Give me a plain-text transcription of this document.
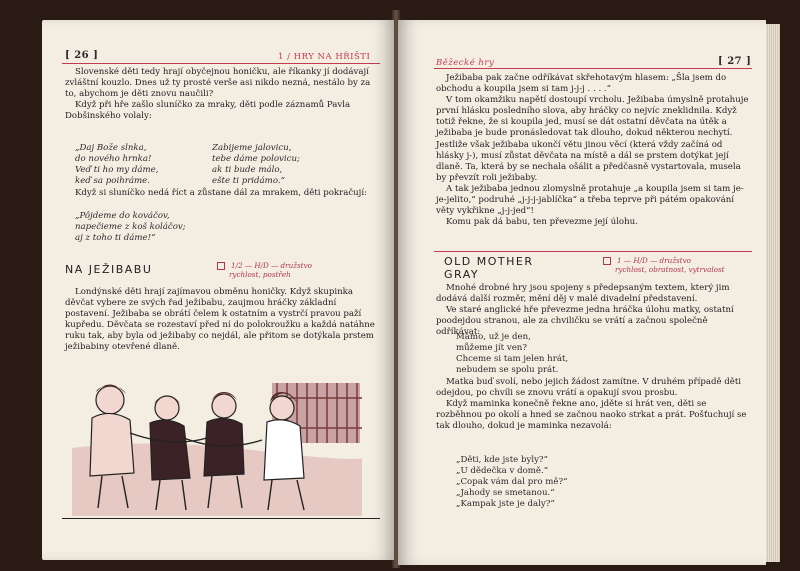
[ 26 ]	1 / HRY NA HŘIŠTI

Slovenské děti tedy hrají obyčejnou honičku, ale říkanky jí dodávají zvláštní kouzlo. Dnes už ty prosté verše asi nikdo nezná, nestálo by za to, abychom je děti znovu naučili?

Když při hře zašlo sluníčko za mraky, děti podle záznamů Pavla Dobšinského volaly:

„Daj Bože slnka,
do nového hrnka!
Veď ti ho my dáme,
keď sa poihráme.
Zabijeme jalovicu,
tebe dáme polovicu;
ak ti bude málo,
ešte ti pridámo.“

Když si sluníčko nedá říct a zůstane dál za mrakem, děti pokračují:

„Pôjdeme do kováčov,
napečieme z koš koláčov;
aj z toho ti dáme!“
NA JEŽIBABU	1/2 — H/D — družstvo
rychlost, postřeh

Londýnské děti hrají zajímavou obměnu honičky. Když skupinka děvčat vybere ze svých řad ježibabu, zaujmou hráčky základní postavení. Ježibaba se obrátí čelem k ostatním a vystrčí pravou paží kupředu. Děvčata se rozestaví před ní do polokroužku a každá natáhne ruku tak, aby byla od ježibaby co nejdál, ale přitom se dotýkala prstem ježibabiny otevřené dlaně.

Běžecké hry	[ 27 ]

Ježibaba pak začne odříkávat skřehotavým hlasem: „Šla jsem do obchodu a koupila jsem si tam j-j-j . . . .“

V tom okamžiku napětí dostoupí vrcholu. Ježibaba úmyslně protahuje první hlásku posledního slova, aby hráčky co nejvíc zneklidnila. Když totiž řekne, že si koupila jed, musí se dát ostatní děvčata na útěk a ježibaba je bude pronásledovat tak dlouho, dokud některou nechytí. Jestliže však ježibaba ukončí větu jinou věcí (která vždy začíná od hlásky j-), musí zůstat děvčata na místě a dál se prstem dotýkat její dlaně. Ta, která by se nechala ošálit a předčasně vystartovala, musela by převzít roli ježibaby.

A tak ježibaba jednou zlomyslně protahuje „a koupila jsem si tam je-je-jelito,“ podruhé „j-j-j-jablíčka“ a třeba teprve při pátém opakování věty vykřikne „j-j-jed“!

Komu pak dá babu, ten převezme její úlohu.

OLD MOTHER
GRAY
1 — H/D — družstvo
rychlost, obratnost, vytrvalost

Mnohé drobné hry jsou spojeny s předepsaným textem, který jim dodává další rozměr, mění děj v malé divadelní představení.

Ve staré anglické hře převezme jedna hráčka úlohu matky, ostatní poodejdou stranou, ale za chviličku se vrátí a začnou společně odříkávat:

Mámo, už je den,
můžeme jít ven?
Chceme si tam jelen hrát,
nebudem se spolu prát.

Matka buď svolí, nebo jejich žádost zamítne. V druhém případě děti odejdou, po chvíli se znovu vrátí a opakují svou prosbu.

Když maminka konečně řekne ano, jděte si hrát ven, děti se rozběhnou po okolí a hned se začnou naoko strkat a prát. Pošťuchují se tak dlouho, dokud je maminka nezavolá:

„Děti, kde jste byly?“
„U dědečka v domě.“
„Copak vám dal pro mě?“
„Jahody se smetanou.“
„Kampak jste je daly?“
